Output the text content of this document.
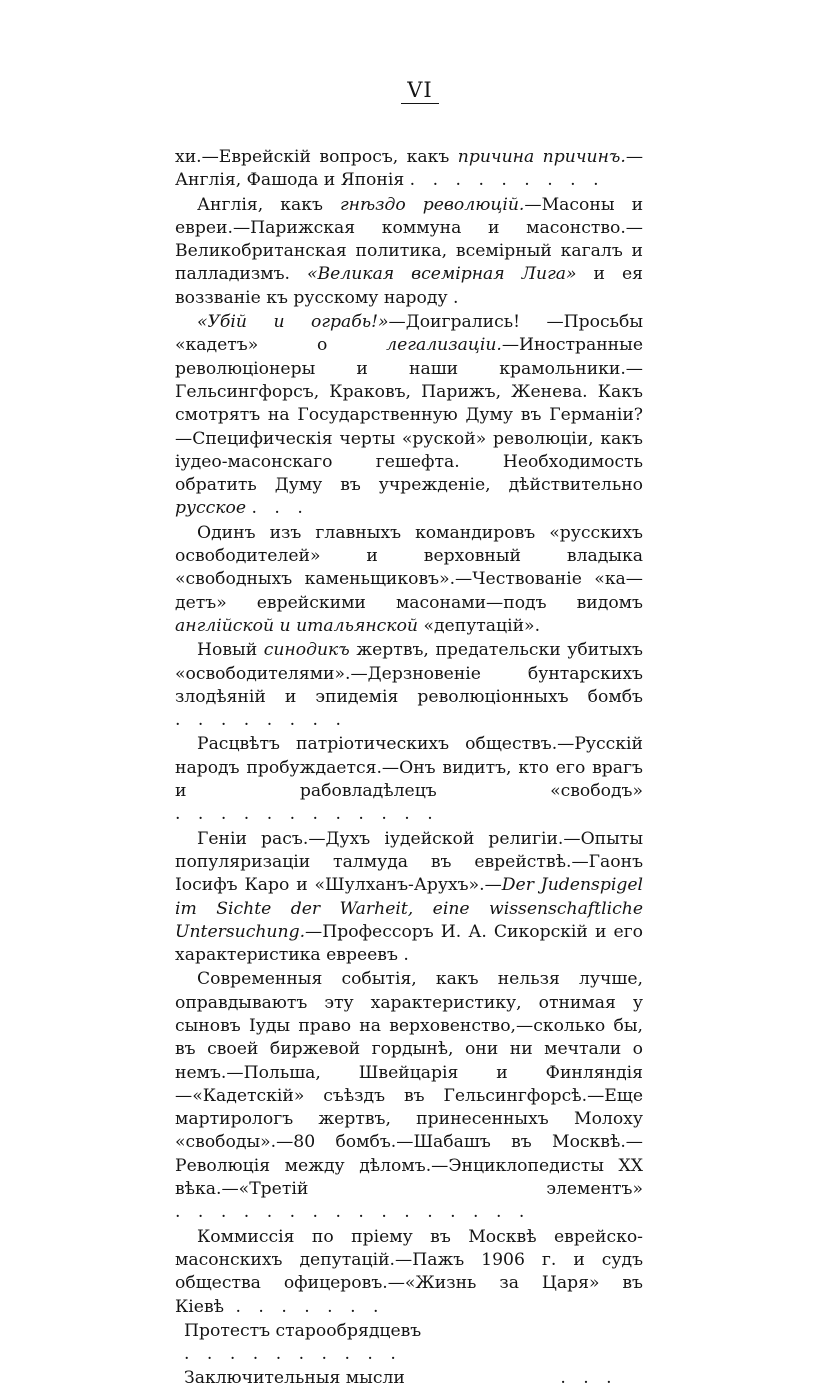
VI

хи.—Еврейскій вопросъ, какъ причина причинъ.—Англія, Фашода и Японія . . . . . . . . .

Англія, какъ гнѣздо революцій.—Масоны и евреи.—Парижская коммуна и масонство.—Великобританская политика, всемірный кагалъ и палладизмъ. «Великая всемірная Лига» и ея воззваніе къ русскому народу .

«Убій и ограбь!»—Доигрались! —Просьбы «кадетъ» о легализаціи.—Иностранные революціонеры и наши крамольники.—Гельсингфорсъ, Краковъ, Парижъ, Женева. Какъ смотрятъ на Государственную Думу въ Германіи?—Специфическія черты «руской» революціи, какъ іудео-масонскаго гешефта. Необходимость обратить Думу въ учрежденіе, дѣйствительно русское . . .

Одинъ изъ главныхъ командировъ «русскихъ освободителей» и верховный владыка «свободныхъ каменьщиковъ».—Чествованіе «ка—детъ» еврейскими масонами—подъ видомъ англійской и итальянской «депутацій».

Новый синодикъ жертвъ, предательски убитыхъ «освободителями».—Дерзновеніе бунтарскихъ злодѣяній и эпидемія революціонныхъ бомбъ . . . . . . . .

Расцвѣтъ патріотическихъ обществъ.—Русскій народъ пробуждается.—Онъ видитъ, кто его врагъ и рабовладѣлецъ «свободъ» . . . . . . . . . . . .

Геніи расъ.—Духъ іудейской религіи.—Опыты популяризаціи талмуда въ еврействѣ.—Гаонъ Іосифъ Каро и «Шулханъ-Арухъ».—Der Judenspigel im Sichte der Warheit, eine wissenschaftliche Untersuchung.—Профессоръ И. А. Сикорскій и его характеристика евреевъ .

Современныя событія, какъ нельзя лучше, оправдываютъ эту характеристику, отнимая у сыновъ Іуды право на верховенство,—сколько бы, въ своей биржевой гордынѣ, они ни мечтали о немъ.—Польша, Швейцарія и Финляндія —«Кадетскій» съѣздъ въ Гельсингфорсѣ.—Еще мартирологъ жертвъ, принесенныхъ Молоху «свободы».—80 бомбъ.—Шабашъ въ Москвѣ.—Революція между дѣломъ.—Энциклопедисты XX вѣка.—«Третій элементъ» . . . . . . . . . . . . . . . .

Коммиссія по пріему въ Москвѣ еврейско-масонскихъ депутацій.—Пажъ 1906 г. и судъ общества офицеровъ.—«Жизнь за Царя» въ Кіевѣ . . . . . . .

Протестъ старообрядцевъ . . . . . . . . . .

Заключительныя мысли	. . .
